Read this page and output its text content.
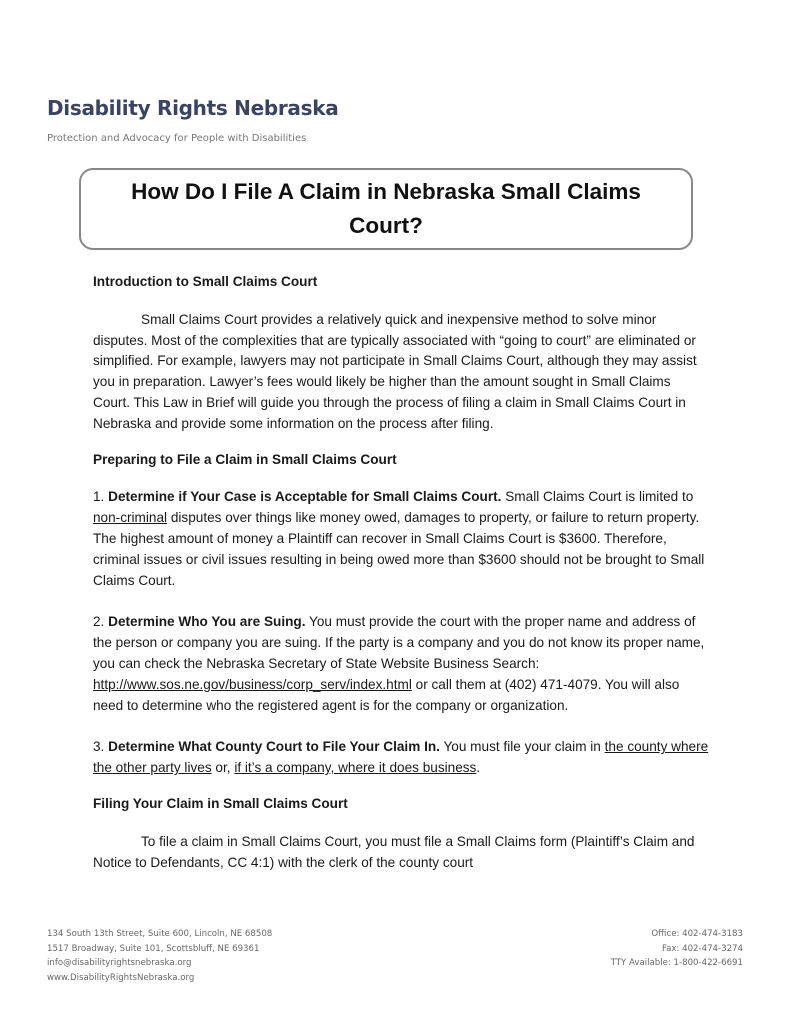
Disability Rights Nebraska
Protection and Advocacy for People with Disabilities
How Do I File A Claim in Nebraska Small Claims Court?
Introduction to Small Claims Court

Small Claims Court provides a relatively quick and inexpensive method to solve minor disputes. Most of the complexities that are typically associated with “going to court” are eliminated or simplified. For example, lawyers may not participate in Small Claims Court, although they may assist you in preparation. Lawyer’s fees would likely be higher than the amount sought in Small Claims Court. This Law in Brief will guide you through the process of filing a claim in Small Claims Court in Nebraska and provide some information on the process after filing.

Preparing to File a Claim in Small Claims Court

1. Determine if Your Case is Acceptable for Small Claims Court. Small Claims Court is limited to non-criminal disputes over things like money owed, damages to property, or failure to return property. The highest amount of money a Plaintiff can recover in Small Claims Court is $3600. Therefore, criminal issues or civil issues resulting in being owed more than $3600 should not be brought to Small Claims Court.

2. Determine Who You are Suing. You must provide the court with the proper name and address of the person or company you are suing. If the party is a company and you do not know its proper name, you can check the Nebraska Secretary of State Website Business Search: http://www.sos.ne.gov/business/corp_serv/index.html or call them at (402) 471-4079. You will also need to determine who the registered agent is for the company or organization.

3. Determine What County Court to File Your Claim In. You must file your claim in the county where the other party lives or, if it’s a company, where it does business.

Filing Your Claim in Small Claims Court

To file a claim in Small Claims Court, you must file a Small Claims form (Plaintiff’s Claim and Notice to Defendants, CC 4:1) with the clerk of the county court

134 South 13th Street, Suite 600, Lincoln, NE 68508
1517 Broadway, Suite 101, Scottsbluff, NE 69361
info@disabilityrightsnebraska.org
www.DisabilityRightsNebraska.org
Office: 402-474-3183
Fax: 402-474-3274
TTY Available: 1-800-422-6691
